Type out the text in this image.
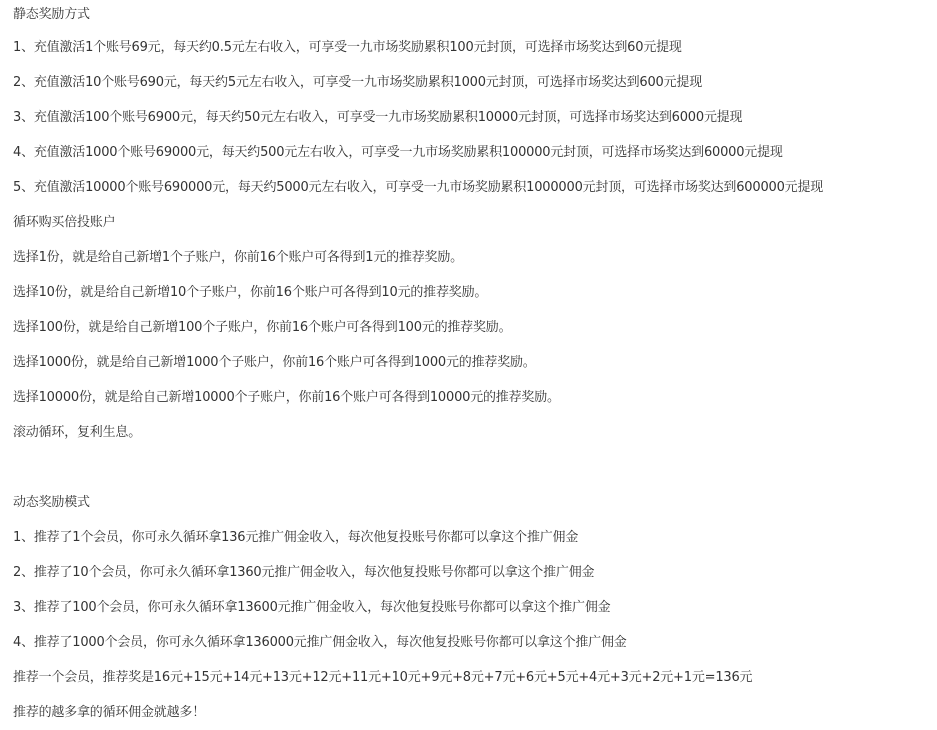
静态奖励方式
1、充值激活1个账号69元，每天约0.5元左右收入，可享受一九市场奖励累积100元封顶，可选择市场奖达到60元提现
2、充值激活10个账号690元，每天约5元左右收入，可享受一九市场奖励累积1000元封顶，可选择市场奖达到600元提现
3、充值激活100个账号6900元，每天约50元左右收入，可享受一九市场奖励累积10000元封顶，可选择市场奖达到6000元提现
4、充值激活1000个账号69000元，每天约500元左右收入，可享受一九市场奖励累积100000元封顶，可选择市场奖达到60000元提现
5、充值激活10000个账号690000元，每天约5000元左右收入，可享受一九市场奖励累积1000000元封顶，可选择市场奖达到600000元提现
循环购买倍投账户
选择1份，就是给自己新增1个子账户，你前16个账户可各得到1元的推荐奖励。
选择10份，就是给自己新增10个子账户，你前16个账户可各得到10元的推荐奖励。
选择100份，就是给自己新增100个子账户，你前16个账户可各得到100元的推荐奖励。
选择1000份，就是给自己新增1000个子账户，你前16个账户可各得到1000元的推荐奖励。
选择10000份，就是给自己新增10000个子账户，你前16个账户可各得到10000元的推荐奖励。
滚动循环，复利生息。
动态奖励模式
1、推荐了1个会员，你可永久循环拿136元推广佣金收入，每次他复投账号你都可以拿这个推广佣金
2、推荐了10个会员，你可永久循环拿1360元推广佣金收入，每次他复投账号你都可以拿这个推广佣金
3、推荐了100个会员，你可永久循环拿13600元推广佣金收入，每次他复投账号你都可以拿这个推广佣金
4、推荐了1000个会员，你可永久循环拿136000元推广佣金收入，每次他复投账号你都可以拿这个推广佣金
推荐一个会员，推荐奖是16元+15元+14元+13元+12元+11元+10元+9元+8元+7元+6元+5元+4元+3元+2元+1元=136元
推荐的越多拿的循环佣金就越多！
